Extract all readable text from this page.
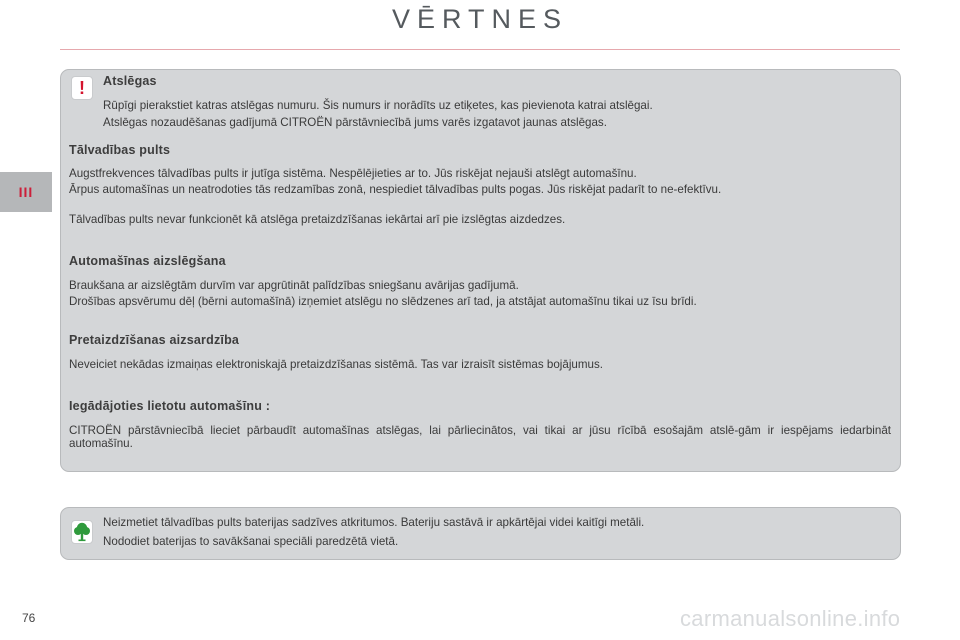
VĒRTNES
III
! Atslēgas
Rūpīgi pierakstiet katras atslēgas numuru. Šis numurs ir norādīts uz etiķetes, kas pievienota katrai atslēgai.
Atslēgas nozaudēšanas gadījumā CITROËN pārstāvniecībā jums varēs izgatavot jaunas atslēgas.
Tālvadības pults
Augstfrekvences tālvadības pults ir jutīga sistēma. Nespēlējieties ar to. Jūs riskējat nejauši atslēgt automašīnu.
Ārpus automašīnas un neatrodoties tās redzamības zonā, nespiediet tālvadības pults pogas. Jūs riskējat padarīt to ne-efektīvu.
Tālvadības pults nevar funkcionēt kā atslēga pretaizdzīšanas iekārtai arī pie izslēgtas aizdedzes.
Automašīnas aizslēgšana
Braukšana ar aizslēgtām durvīm var apgrūtināt palīdzības sniegšanu avārijas gadījumā.
Drošības apsvērumu dēļ (bērni automašīnā) izņemiet atslēgu no slēdzenes arī tad, ja atstājat automašīnu tikai uz īsu brīdi.
Pretaizdzīšanas aizsardzība
Neveiciet nekādas izmaiņas elektroniskajā pretaizdzīšanas sistēmā. Tas var izraisīt sistēmas bojājumus.
Iegādājoties lietotu automašīnu :
CITROËN pārstāvniecībā lieciet pārbaudīt automašīnas atslēgas, lai pārliecinātos, vai tikai ar jūsu rīcībā esošajām atslē-gām ir iespējams iedarbināt automašīnu.
Neizmetiet tālvadības pults baterijas sadzīves atkritumos. Bateriju sastāvā ir apkārtējai videi kaitīgi metāli.
Nododiet baterijas to savākšanai speciāli paredzētā vietā.
76	carmanualsonline.info
